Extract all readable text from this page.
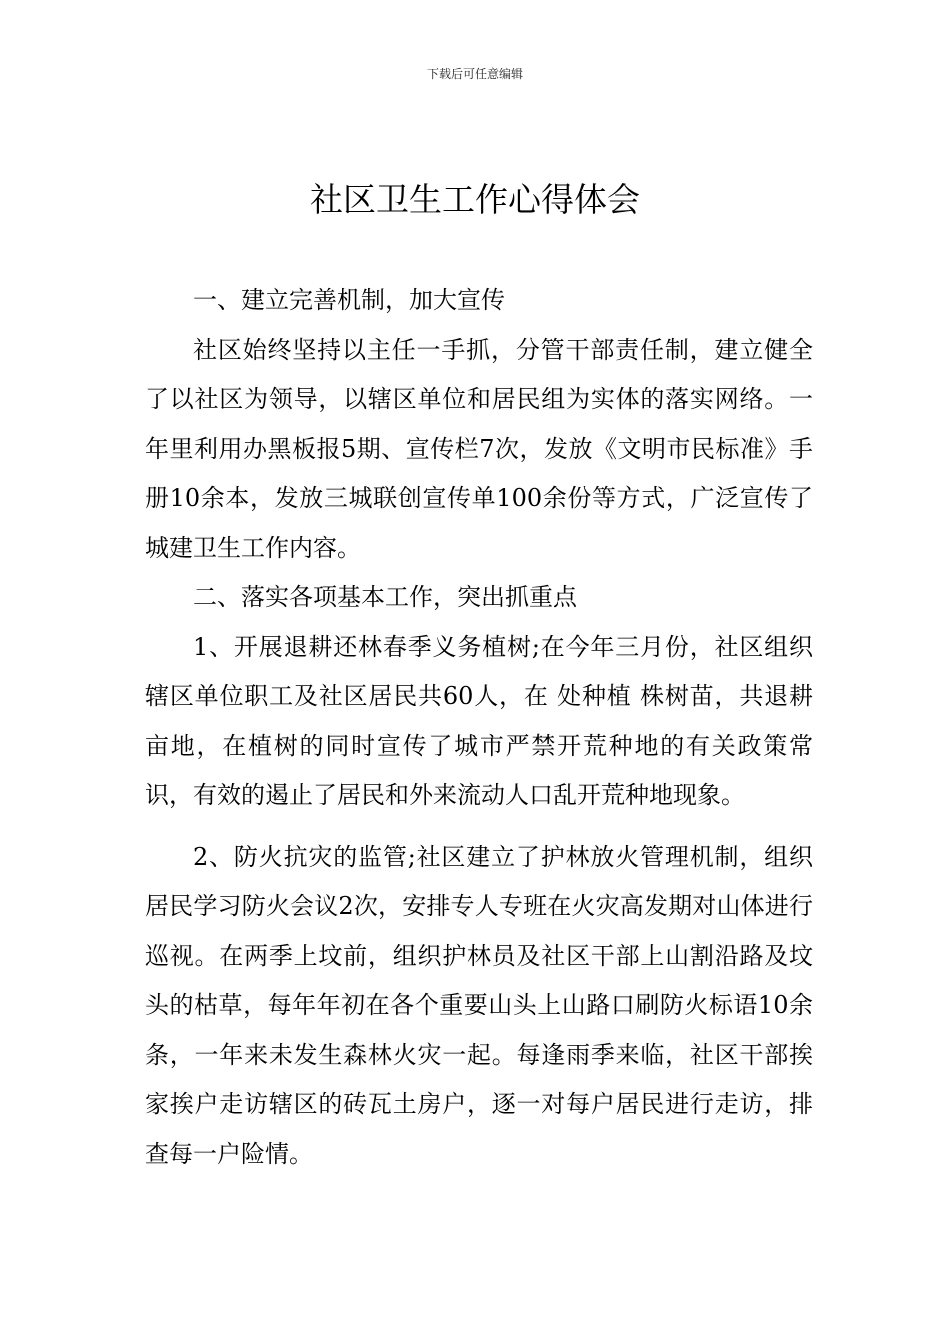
下载后可任意编辑
社区卫生工作心得体会

一、建立完善机制，加大宣传

社区始终坚持以主任一手抓，分管干部责任制，建立健全了以社区为领导，以辖区单位和居民组为实体的落实网络。一年里利用办黑板报5期、宣传栏7次，发放《文明市民标准》手册10余本，发放三城联创宣传单100余份等方式，广泛宣传了城建卫生工作内容。

二、落实各项基本工作，突出抓重点

1、开展退耕还林春季义务植树;在今年三月份，社区组织辖区单位职工及社区居民共60人，在 处种植 株树苗，共退耕 亩地，在植树的同时宣传了城市严禁开荒种地的有关政策常识，有效的遏止了居民和外来流动人口乱开荒种地现象。

2、防火抗灾的监管;社区建立了护林放火管理机制，组织居民学习防火会议2次，安排专人专班在火灾高发期对山体进行巡视。在两季上坟前，组织护林员及社区干部上山割沿路及坟头的枯草，每年年初在各个重要山头上山路口刷防火标语10余条，一年来未发生森林火灾一起。每逢雨季来临，社区干部挨家挨户走访辖区的砖瓦土房户，逐一对每户居民进行走访，排查每一户险情。
